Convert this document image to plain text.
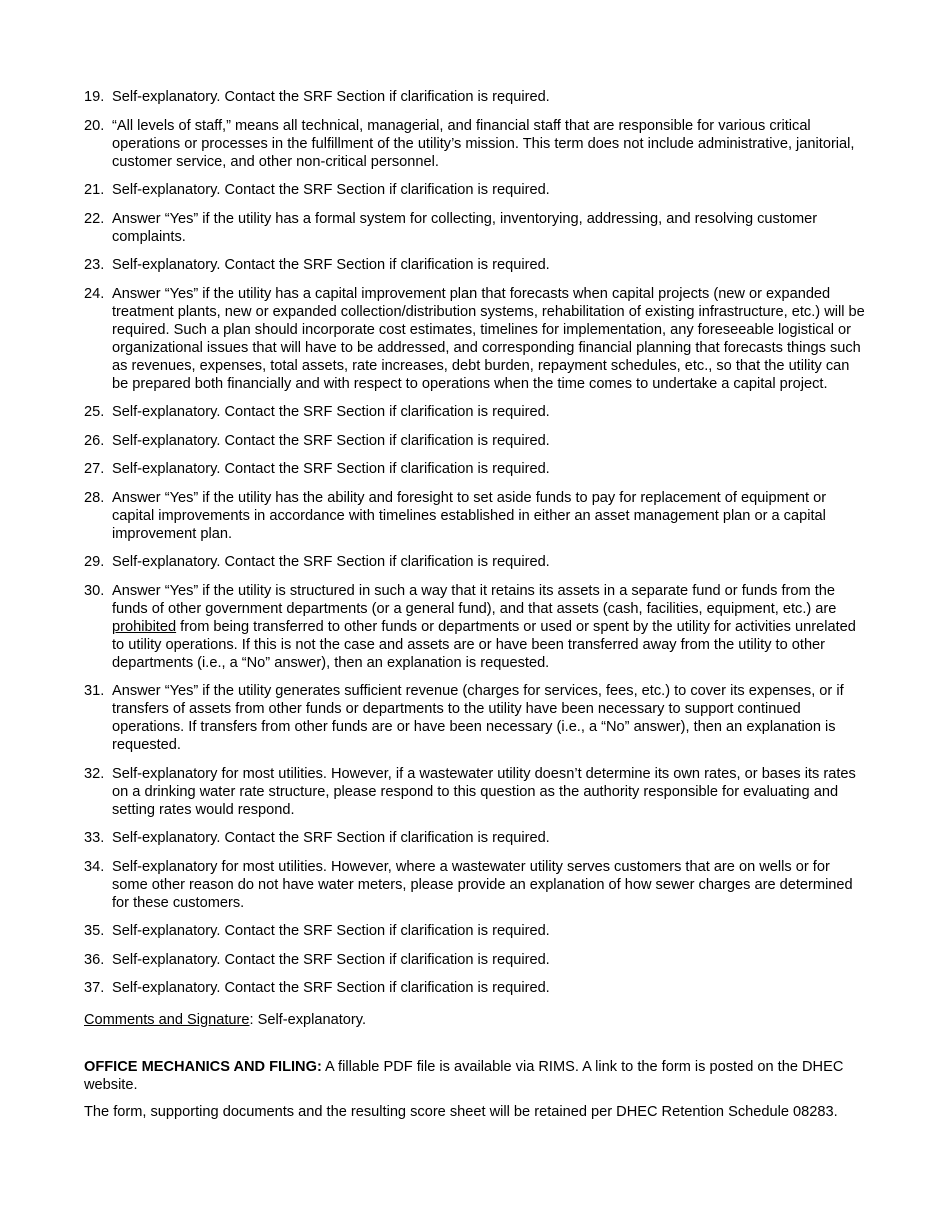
19. Self-explanatory. Contact the SRF Section if clarification is required.
20. “All levels of staff,” means all technical, managerial, and financial staff that are responsible for various critical operations or processes in the fulfillment of the utility’s mission. This term does not include administrative, janitorial, customer service, and other non-critical personnel.
21. Self-explanatory. Contact the SRF Section if clarification is required.
22. Answer “Yes” if the utility has a formal system for collecting, inventorying, addressing, and resolving customer complaints.
23. Self-explanatory. Contact the SRF Section if clarification is required.
24. Answer “Yes” if the utility has a capital improvement plan that forecasts when capital projects (new or expanded treatment plants, new or expanded collection/distribution systems, rehabilitation of existing infrastructure, etc.) will be required. Such a plan should incorporate cost estimates, timelines for implementation, any foreseeable logistical or organizational issues that will have to be addressed, and corresponding financial planning that forecasts things such as revenues, expenses, total assets, rate increases, debt burden, repayment schedules, etc., so that the utility can be prepared both financially and with respect to operations when the time comes to undertake a capital project.
25. Self-explanatory. Contact the SRF Section if clarification is required.
26. Self-explanatory. Contact the SRF Section if clarification is required.
27. Self-explanatory. Contact the SRF Section if clarification is required.
28. Answer “Yes” if the utility has the ability and foresight to set aside funds to pay for replacement of equipment or capital improvements in accordance with timelines established in either an asset management plan or a capital improvement plan.
29. Self-explanatory. Contact the SRF Section if clarification is required.
30. Answer “Yes” if the utility is structured in such a way that it retains its assets in a separate fund or funds from the funds of other government departments (or a general fund), and that assets (cash, facilities, equipment, etc.) are prohibited from being transferred to other funds or departments or used or spent by the utility for activities unrelated to utility operations. If this is not the case and assets are or have been transferred away from the utility to other departments (i.e., a “No” answer), then an explanation is requested.
31. Answer “Yes” if the utility generates sufficient revenue (charges for services, fees, etc.) to cover its expenses, or if transfers of assets from other funds or departments to the utility have been necessary to support continued operations. If transfers from other funds are or have been necessary (i.e., a “No” answer), then an explanation is requested.
32. Self-explanatory for most utilities. However, if a wastewater utility doesn’t determine its own rates, or bases its rates on a drinking water rate structure, please respond to this question as the authority responsible for evaluating and setting rates would respond.
33. Self-explanatory. Contact the SRF Section if clarification is required.
34. Self-explanatory for most utilities. However, where a wastewater utility serves customers that are on wells or for some other reason do not have water meters, please provide an explanation of how sewer charges are determined for these customers.
35. Self-explanatory. Contact the SRF Section if clarification is required.
36. Self-explanatory. Contact the SRF Section if clarification is required.
37. Self-explanatory. Contact the SRF Section if clarification is required.
Comments and Signature: Self-explanatory.
OFFICE MECHANICS AND FILING: A fillable PDF file is available via RIMS. A link to the form is posted on the DHEC website.
The form, supporting documents and the resulting score sheet will be retained per DHEC Retention Schedule 08283.
